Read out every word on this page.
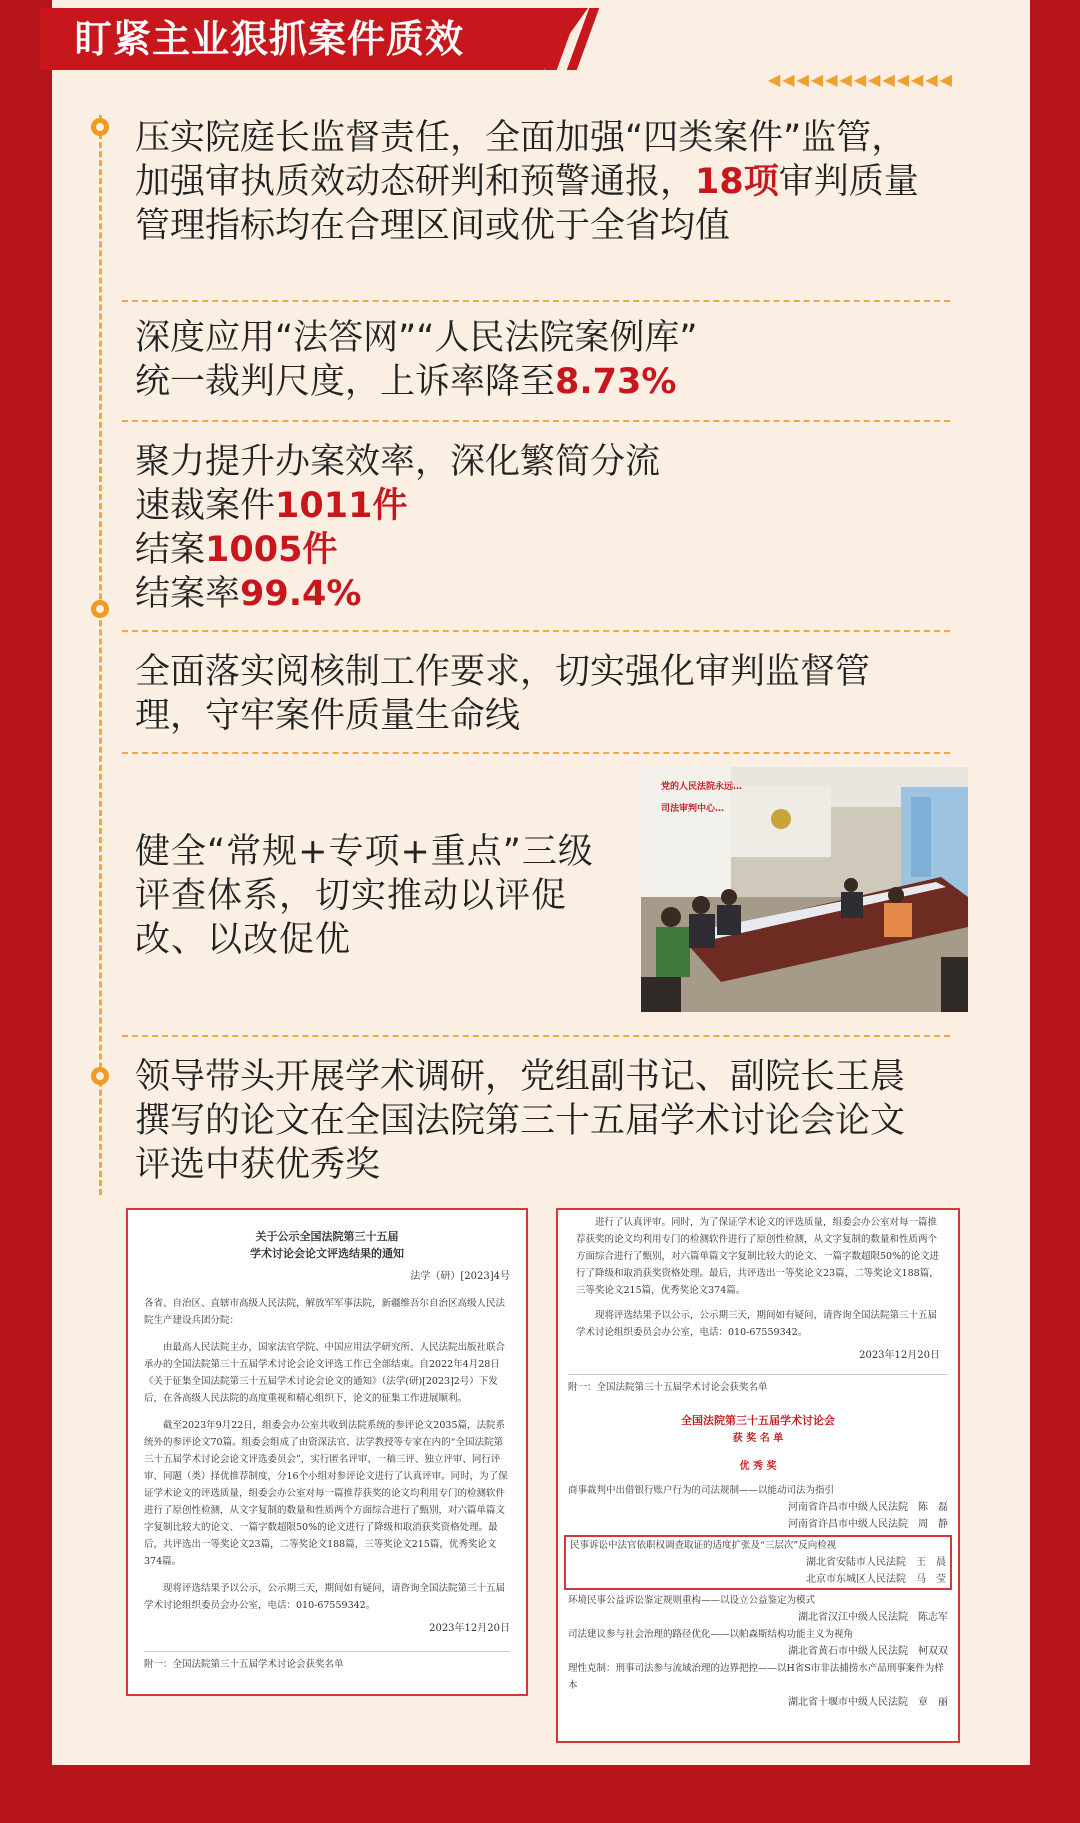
盯紧主业狠抓案件质效
◀◀◀◀◀◀◀◀◀◀◀◀◀
压实院庭长监督责任，全面加强“四类案件”监管，加强审执质效动态研判和预警通报，18项审判质量管理指标均在合理区间或优于全省均值
深度应用“法答网”“人民法院案例库”
统一裁判尺度，上诉率降至8.73%
聚力提升办案效率，深化繁简分流
速裁案件1011件
结案1005件
结案率99.4%
全面落实阅核制工作要求，切实强化审判监督管理，守牢案件质量生命线
健全“常规+专项+重点”三级评查体系，切实推动以评促改、以改促优
党的人民法院永远…
司法审判中心…
领导带头开展学术调研，党组副书记、副院长王晨撰写的论文在全国法院第三十五届学术讨论会论文评选中获优秀奖

关于公示全国法院第三十五届

学术讨论会论文评选结果的通知

法学（研）[2023]4号

各省、自治区、直辖市高级人民法院，解放军军事法院，新疆维吾尔自治区高级人民法院生产建设兵团分院：

由最高人民法院主办，国家法官学院、中国应用法学研究所、人民法院出版社联合承办的全国法院第三十五届学术讨论会论文评选工作已全部结束。自2022年4月28日《关于征集全国法院第三十五届学术讨论会论文的通知》（法学(研)[2023]2号）下发后，在各高级人民法院的高度重视和精心组织下，论文的征集工作进展顺利。

截至2023年9月22日，组委会办公室共收到法院系统的参评论文2035篇，法院系统外的参评论文70篇。组委会组成了由资深法官、法学教授等专家在内的“全国法院第三十五届学术讨论会论文评选委员会”，实行匿名评审、一稿三评、独立评审、同行评审、同题（类）择优推荐制度，分16个小组对参评论文进行了认真评审。同时，为了保证学术论文的评选质量，组委会办公室对每一篇推荐获奖的论文均利用专门的检测软件进行了原创性检测，从文字复制的数量和性质两个方面综合进行了甄别，对六篇单篇文字复制比较大的论文、一篇字数超限50%的论文进行了降级和取消获奖资格处理。最后，共评选出一等奖论文23篇，二等奖论文188篇，三等奖论文215篇，优秀奖论文374篇。

现将评选结果予以公示，公示期三天，期间如有疑问，请咨询全国法院第三十五届学术讨论组织委员会办公室，电话：010-67559342。

2023年12月20日

附一：全国法院第三十五届学术讨论会获奖名单

进行了认真评审。同时，为了保证学术论文的评选质量，组委会办公室对每一篇推荐获奖的论文均利用专门的检测软件进行了原创性检测，从文字复制的数量和性质两个方面综合进行了甄别，对六篇单篇文字复制比较大的论文、一篇字数超限50%的论文进行了降级和取消获奖资格处理。最后，共评选出一等奖论文23篇，二等奖论文188篇，三等奖论文215篇，优秀奖论文374篇。

现将评选结果予以公示，公示期三天，期间如有疑问，请咨询全国法院第三十五届学术讨论组织委员会办公室，电话：010-67559342。

2023年12月20日

附一：全国法院第三十五届学术讨论会获奖名单

全国法院第三十五届学术讨论会

获 奖 名 单

优 秀 奖

商事裁判中出借银行账户行为的司法规制——以能动司法为指引

河南省许昌市中级人民法院　陈　磊

河南省许昌市中级人民法院　周　静

民事诉讼中法官依职权调查取证的适度扩张及“三层次”反向检视

湖北省安陆市人民法院　王　晨

北京市东城区人民法院　马　莹

环境民事公益诉讼鉴定规则重构——以设立公益鉴定为模式

湖北省汉江中级人民法院　陈志军

司法建议参与社会治理的路径优化——以帕森斯结构功能主义为视角

湖北省黄石市中级人民法院　柯双双

理性克制：刑事司法参与流域治理的边界把控——以H省S市非法捕捞水产品刑事案件为样本

湖北省十堰市中级人民法院　章　丽
